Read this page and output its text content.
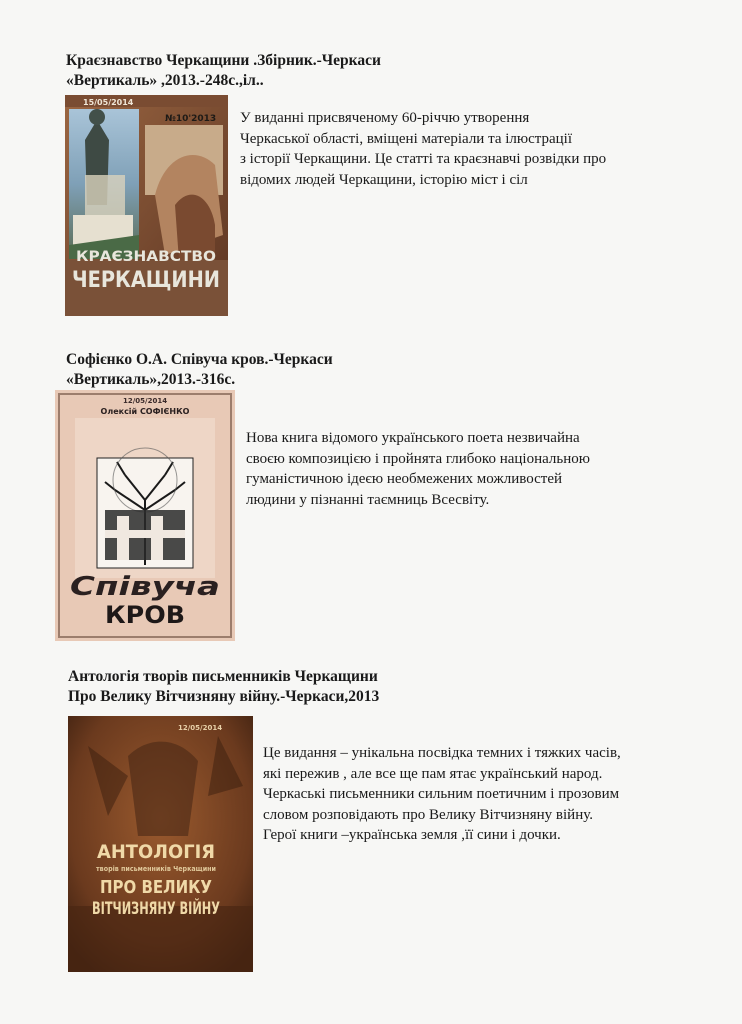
Краєзнавство Черкащини .Збірник.-Черкаси
«Вертикаль» ,2013.-248с.,іл..
15/05/2014
№10'2013
КРАЄЗНАВСТВО
ЧЕРКАЩИНИ
У виданні присвяченому 60-річчю утворення
Черкаської області, вміщені матеріали та ілюстрації
з історії Черкащини. Це статті та краєзнавчі розвідки про
відомих людей Черкащини, історію міст і сіл
Софієнко О.А. Співуча кров.-Черкаси
«Вертикаль»,2013.-316с.
12/05/2014
Олексій СОФІЄНКО
Співуча
КРОВ
Нова книга відомого українського поета незвичайна
своєю композицією і пройнята глибоко національною
гуманістичною ідеєю необмежених можливостей
людини у пізнанні таємниць Всесвіту.
Антологія творів письменників Черкащини
Про Велику Вітчизняну війну.-Черкаси,2013
12/05/2014
АНТОЛОГІЯ
творів письменників Черкащини
ПРО ВЕЛИКУ
ВІТЧИЗНЯНУ ВІЙНУ
Це видання – унікальна посвідка темних і тяжких часів,
які пережив , але все ще пам ятає український народ.
Черкаські письменники сильним поетичним і прозовим
словом розповідають про Велику Вітчизняну війну.
Герої книги –українська земля ,її сини і дочки.
